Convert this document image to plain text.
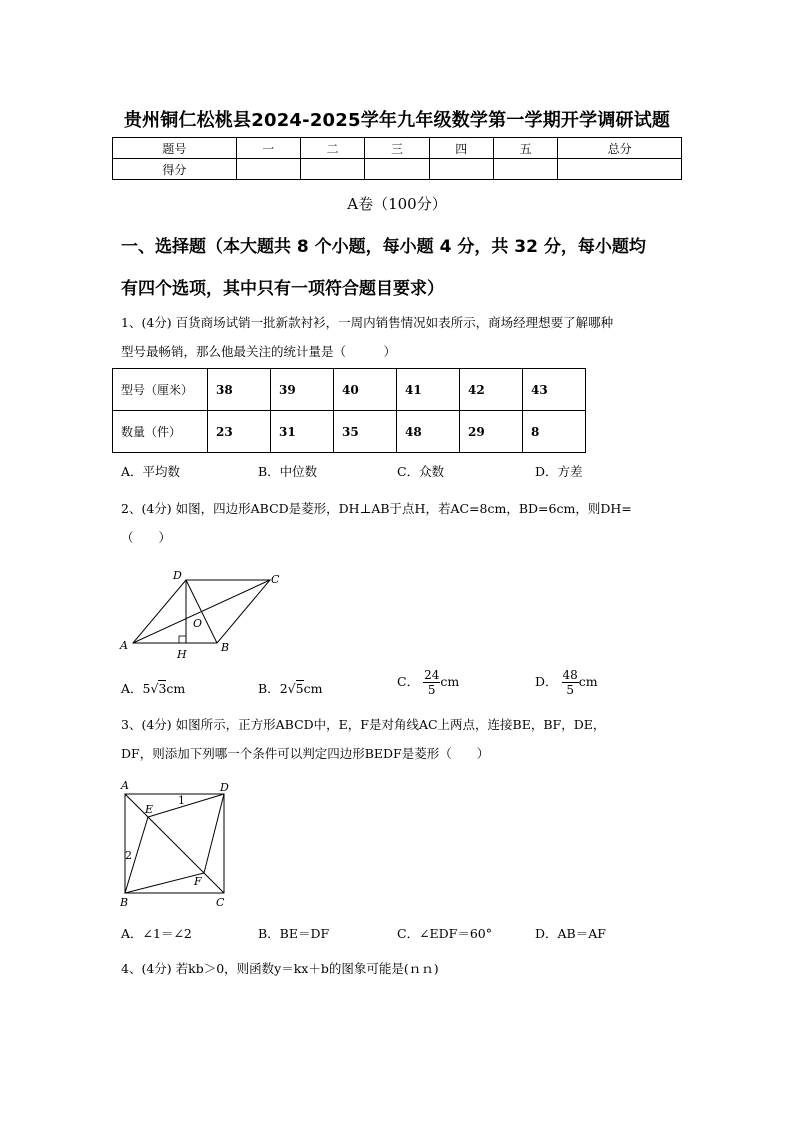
贵州铜仁松桃县2024-2025学年九年级数学第一学期开学调研试题
题号	一	二	三	四	五	总分
得分						
A卷（100分）
一、选择题（本大题共 8 个小题，每小题 4 分，共 32 分，每小题均
有四个选项，其中只有一项符合题目要求）
1、(4分) 百货商场试销一批新款衬衫，一周内销售情况如表所示，商场经理想要了解哪种
型号最畅销，那么他最关注的统计量是（　　　）
型号（厘米）	38	39	40	41	42	43
数量（件）	23	31	35	48	29	8
A．平均数	B．中位数	C．众数	D．方差
2、(4分) 如图，四边形ABCD是菱形，DH⊥AB于点H，若AC=8cm，BD=6cm，则DH=
（　　）
D	C
O
A
H
B
A．5√3cm	B．2√5cm	C． $\frac{24}{5}$ cm	D． $\frac{48}{5}$ cm
3、(4分) 如图所示，正方形ABCD中，E，F是对角线AC上两点，连接BE，BF，DE，
DF，则添加下列哪一个条件可以判定四边形BEDF是菱形（　　）
A	D
E
1
2
F
B	C
A．∠1＝∠2	B．BE＝DF	C．∠EDF＝60°	D．AB＝AF
4、(4分) 若kb＞0，则函数y＝kx＋b的图象可能是(ｎｎ)
